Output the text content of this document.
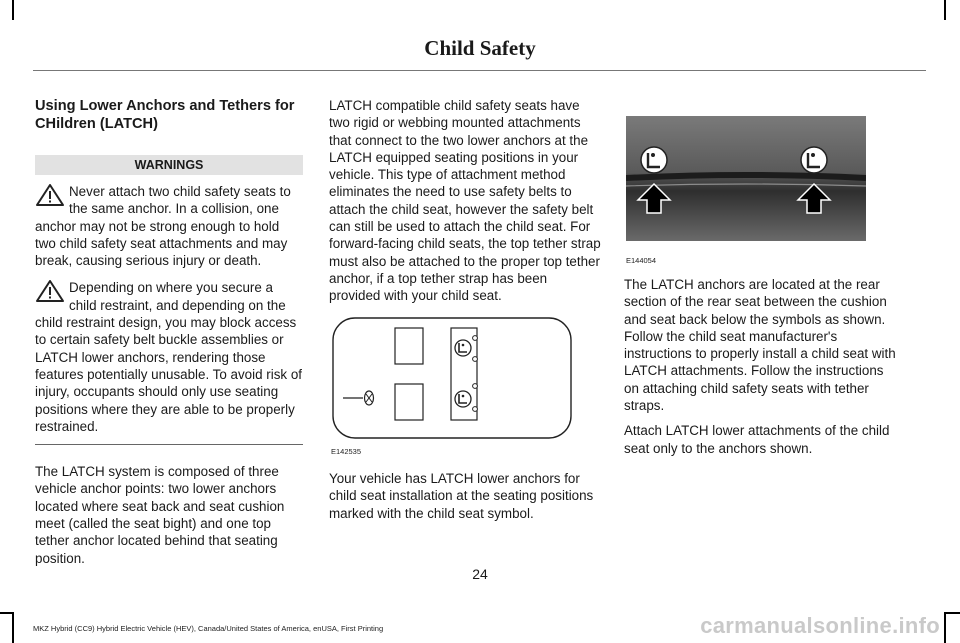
Child Safety
Using Lower Anchors and Tethers for CHildren (LATCH)
WARNINGS

Never attach two child safety seats to the same anchor. In a collision, one anchor may not be strong enough to hold two child safety seat attachments and may break, causing serious injury or death.

Depending on where you secure a child restraint, and depending on the child restraint design, you may block access to certain safety belt buckle assemblies or LATCH lower anchors, rendering those features potentially unusable. To avoid risk of injury, occupants should only use seating positions where they are able to be properly restrained.

The LATCH system is composed of three vehicle anchor points: two lower anchors located where seat back and seat cushion meet (called the seat bight) and one top tether anchor located behind that seating position.

LATCH compatible child safety seats have two rigid or webbing mounted attachments that connect to the two lower anchors at the LATCH equipped seating positions in your vehicle. This type of attachment method eliminates the need to use safety belts to attach the child seat, however the safety belt can still be used to attach the child seat. For forward-facing child seats, the top tether strap must also be attached to the proper top tether anchor, if a top tether strap has been provided with your child seat.

E142535

Your vehicle has LATCH lower anchors for child seat installation at the seating positions marked with the child seat symbol.

E144054

The LATCH anchors are located at the rear section of the rear seat between the cushion and seat back below the symbols as shown. Follow the child seat manufacturer's instructions to properly install a child seat with LATCH attachments. Follow the instructions on attaching child safety seats with tether straps.

Attach LATCH lower attachments of the child seat only to the anchors shown.

24
MKZ Hybrid (CC9) Hybrid Electric Vehicle (HEV), Canada/United States of America, enUSA, First Printing	carmanualsonline.info
